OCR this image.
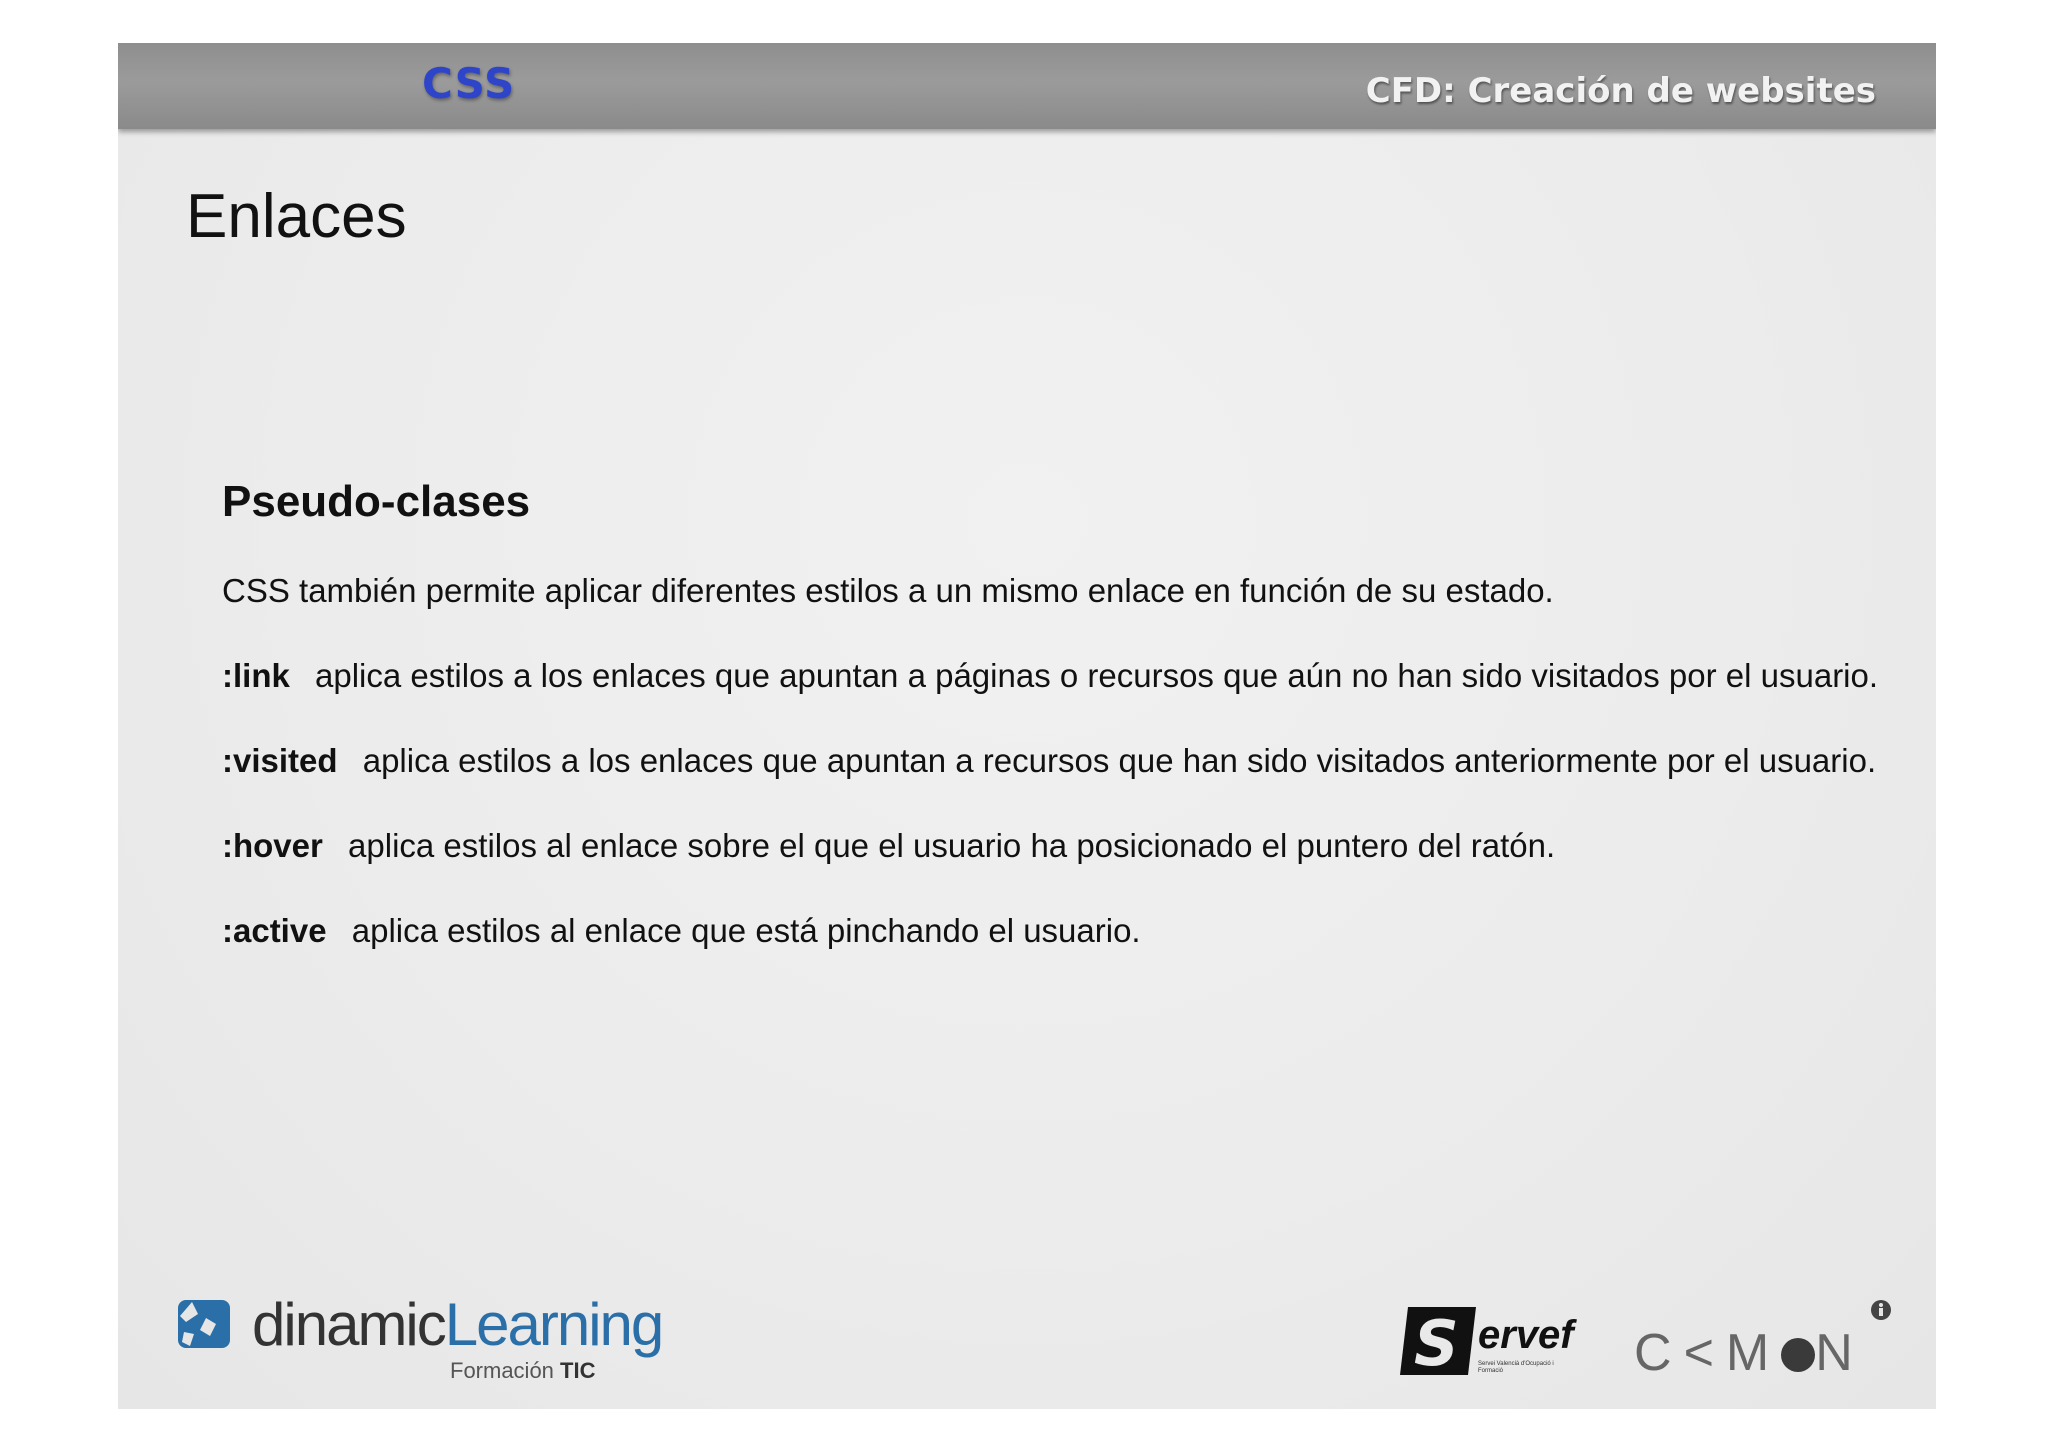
CSS	CFD: Creación de websites
Enlaces
Pseudo-clases
CSS también permite aplicar diferentes estilos a un mismo enlace en función de su estado.
:link aplica estilos a los enlaces que apuntan a páginas o recursos que aún no han sido visitados por el usuario.
:visited aplica estilos a los enlaces que apuntan a recursos que han sido visitados anteriormente por el usuario.
:hover aplica estilos al enlace sobre el que el usuario ha posicionado el puntero del ratón.
:active aplica estilos al enlace que está pinchando el usuario.
dinamicLearning
Formación TIC	S ervef
Servei Valencià d'Ocupació i Formació	C<M N
